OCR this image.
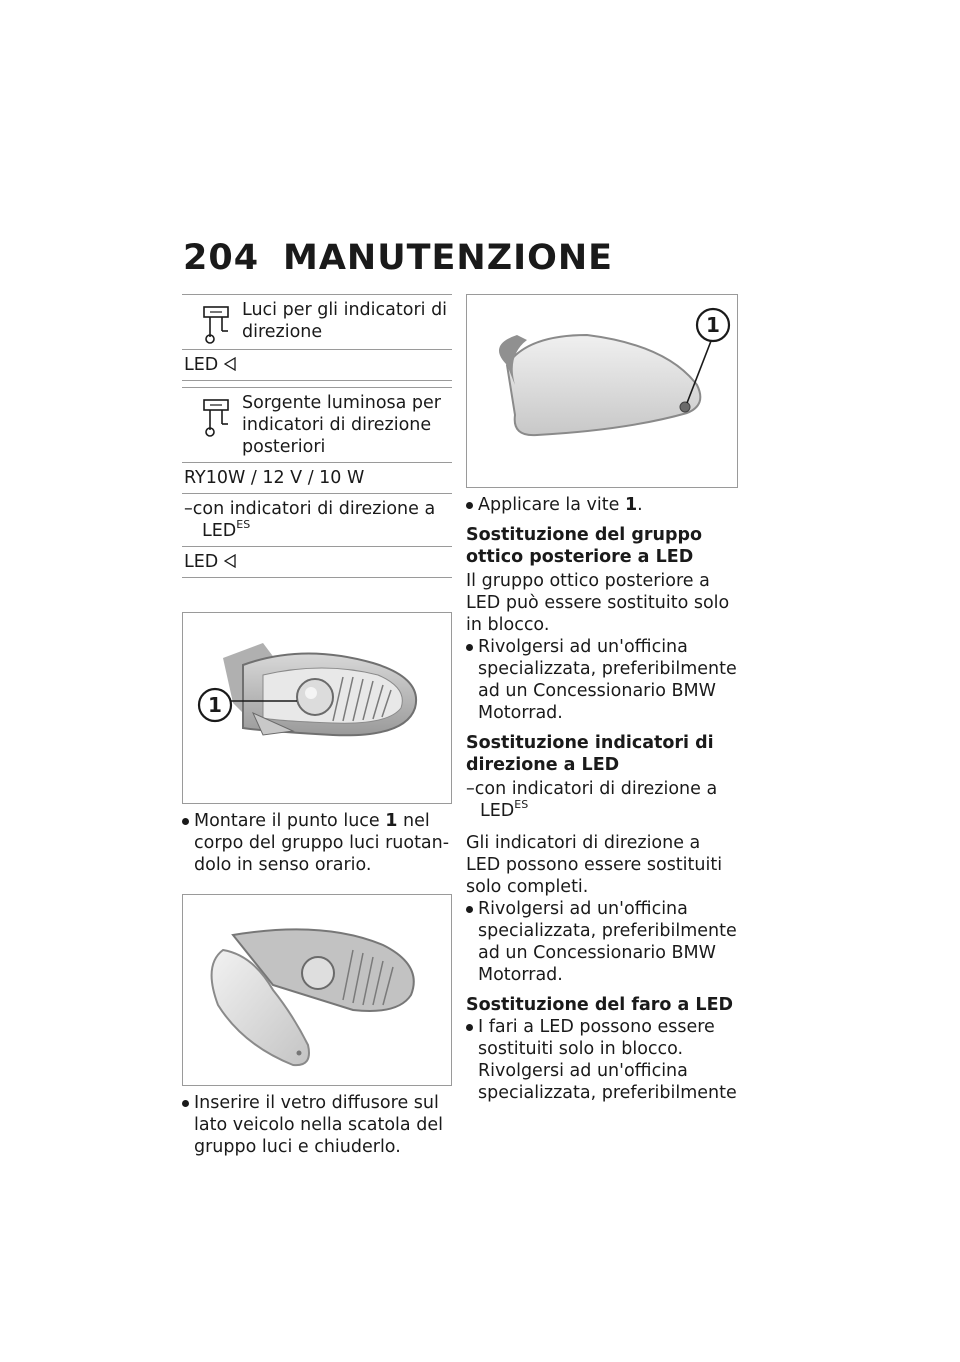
204 MANUTENZIONE
Luci per gli indicatori di
direzione
LED

Sorgente luminosa per
indicatori di direzione
posteriori
RY10W / 12 V / 10 W
–con indicatori di direzione a
$LED^{ES}$
LED
1
Montare il punto luce 1 nel corpo del gruppo luci ruotan- dolo in senso orario.
Inserire il vetro diffusore sul lato veicolo nella scatola del gruppo luci e chiuderlo.
1
Applicare la vite 1.
Sostituzione del gruppo ottico posteriore a LED
Il gruppo ottico posteriore a LED può essere sostituito solo in blocco.
Rivolgersi ad un'officina specializzata, preferibilmente ad un Concessionario BMW Motorrad.
Sostituzione indicatori di direzione a LED
–con indicatori di direzione a $LED^{ES}$
Gli indicatori di direzione a LED possono essere sostituiti solo completi.
Rivolgersi ad un'officina specializzata, preferibilmente ad un Concessionario BMW Motorrad.
Sostituzione del faro a LED
I fari a LED possono essere sostituiti solo in blocco. Rivolgersi ad un'officina specializzata, preferibilmente
